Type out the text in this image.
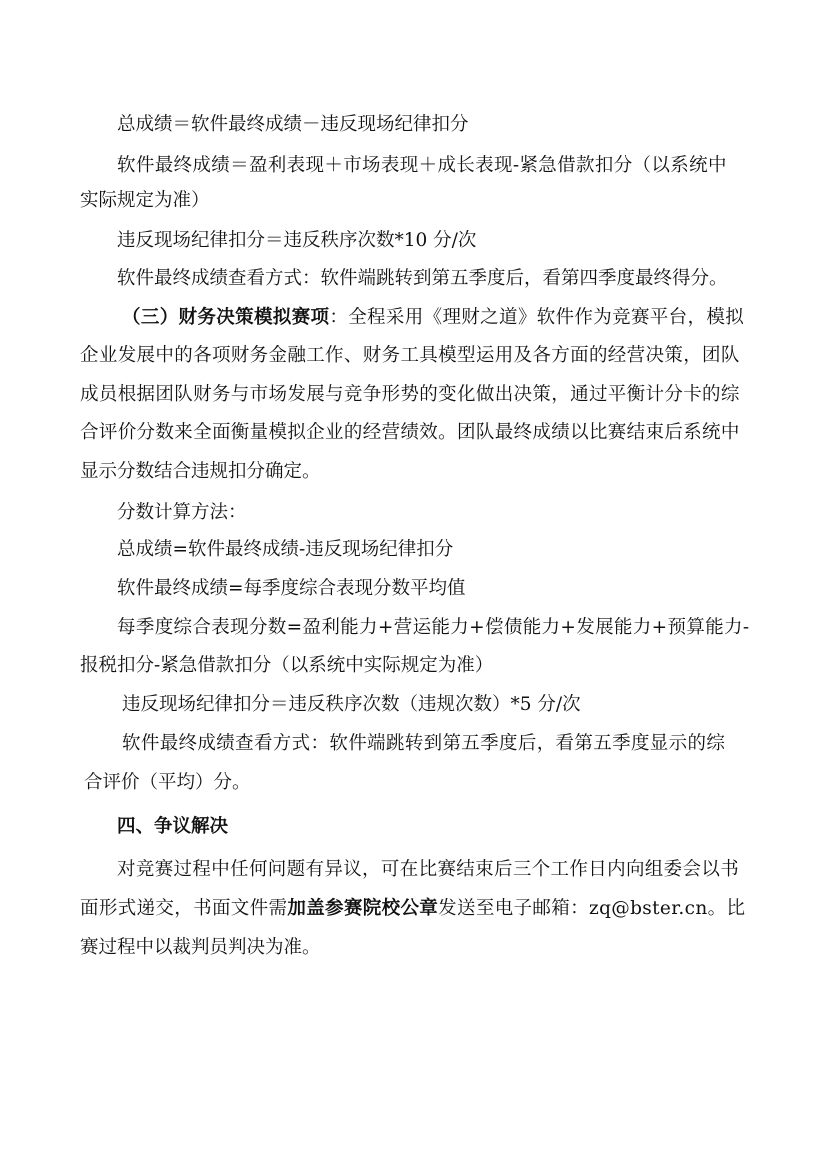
总成绩＝软件最终成绩－违反现场纪律扣分
软件最终成绩＝盈利表现＋市场表现＋成长表现-紧急借款扣分（以系统中
实际规定为准）
违反现场纪律扣分＝违反秩序次数*10 分/次
软件最终成绩查看方式：软件端跳转到第五季度后，看第四季度最终得分。
（三）财务决策模拟赛项：全程采用《理财之道》软件作为竞赛平台，模拟
企业发展中的各项财务金融工作、财务工具模型运用及各方面的经营决策，团队
成员根据团队财务与市场发展与竞争形势的变化做出决策，通过平衡计分卡的综
合评价分数来全面衡量模拟企业的经营绩效。团队最终成绩以比赛结束后系统中
显示分数结合违规扣分确定。
分数计算方法：
总成绩=软件最终成绩-违反现场纪律扣分
软件最终成绩=每季度综合表现分数平均值
每季度综合表现分数=盈利能力+营运能力+偿债能力+发展能力+预算能力-
报税扣分-紧急借款扣分（以系统中实际规定为准）
违反现场纪律扣分＝违反秩序次数（违规次数）*5 分/次
软件最终成绩查看方式：软件端跳转到第五季度后，看第五季度显示的综
合评价（平均）分。
四、争议解决
对竞赛过程中任何问题有异议，可在比赛结束后三个工作日内向组委会以书
面形式递交，书面文件需加盖参赛院校公章发送至电子邮箱：zq@bster.cn。比
赛过程中以裁判员判决为准。
